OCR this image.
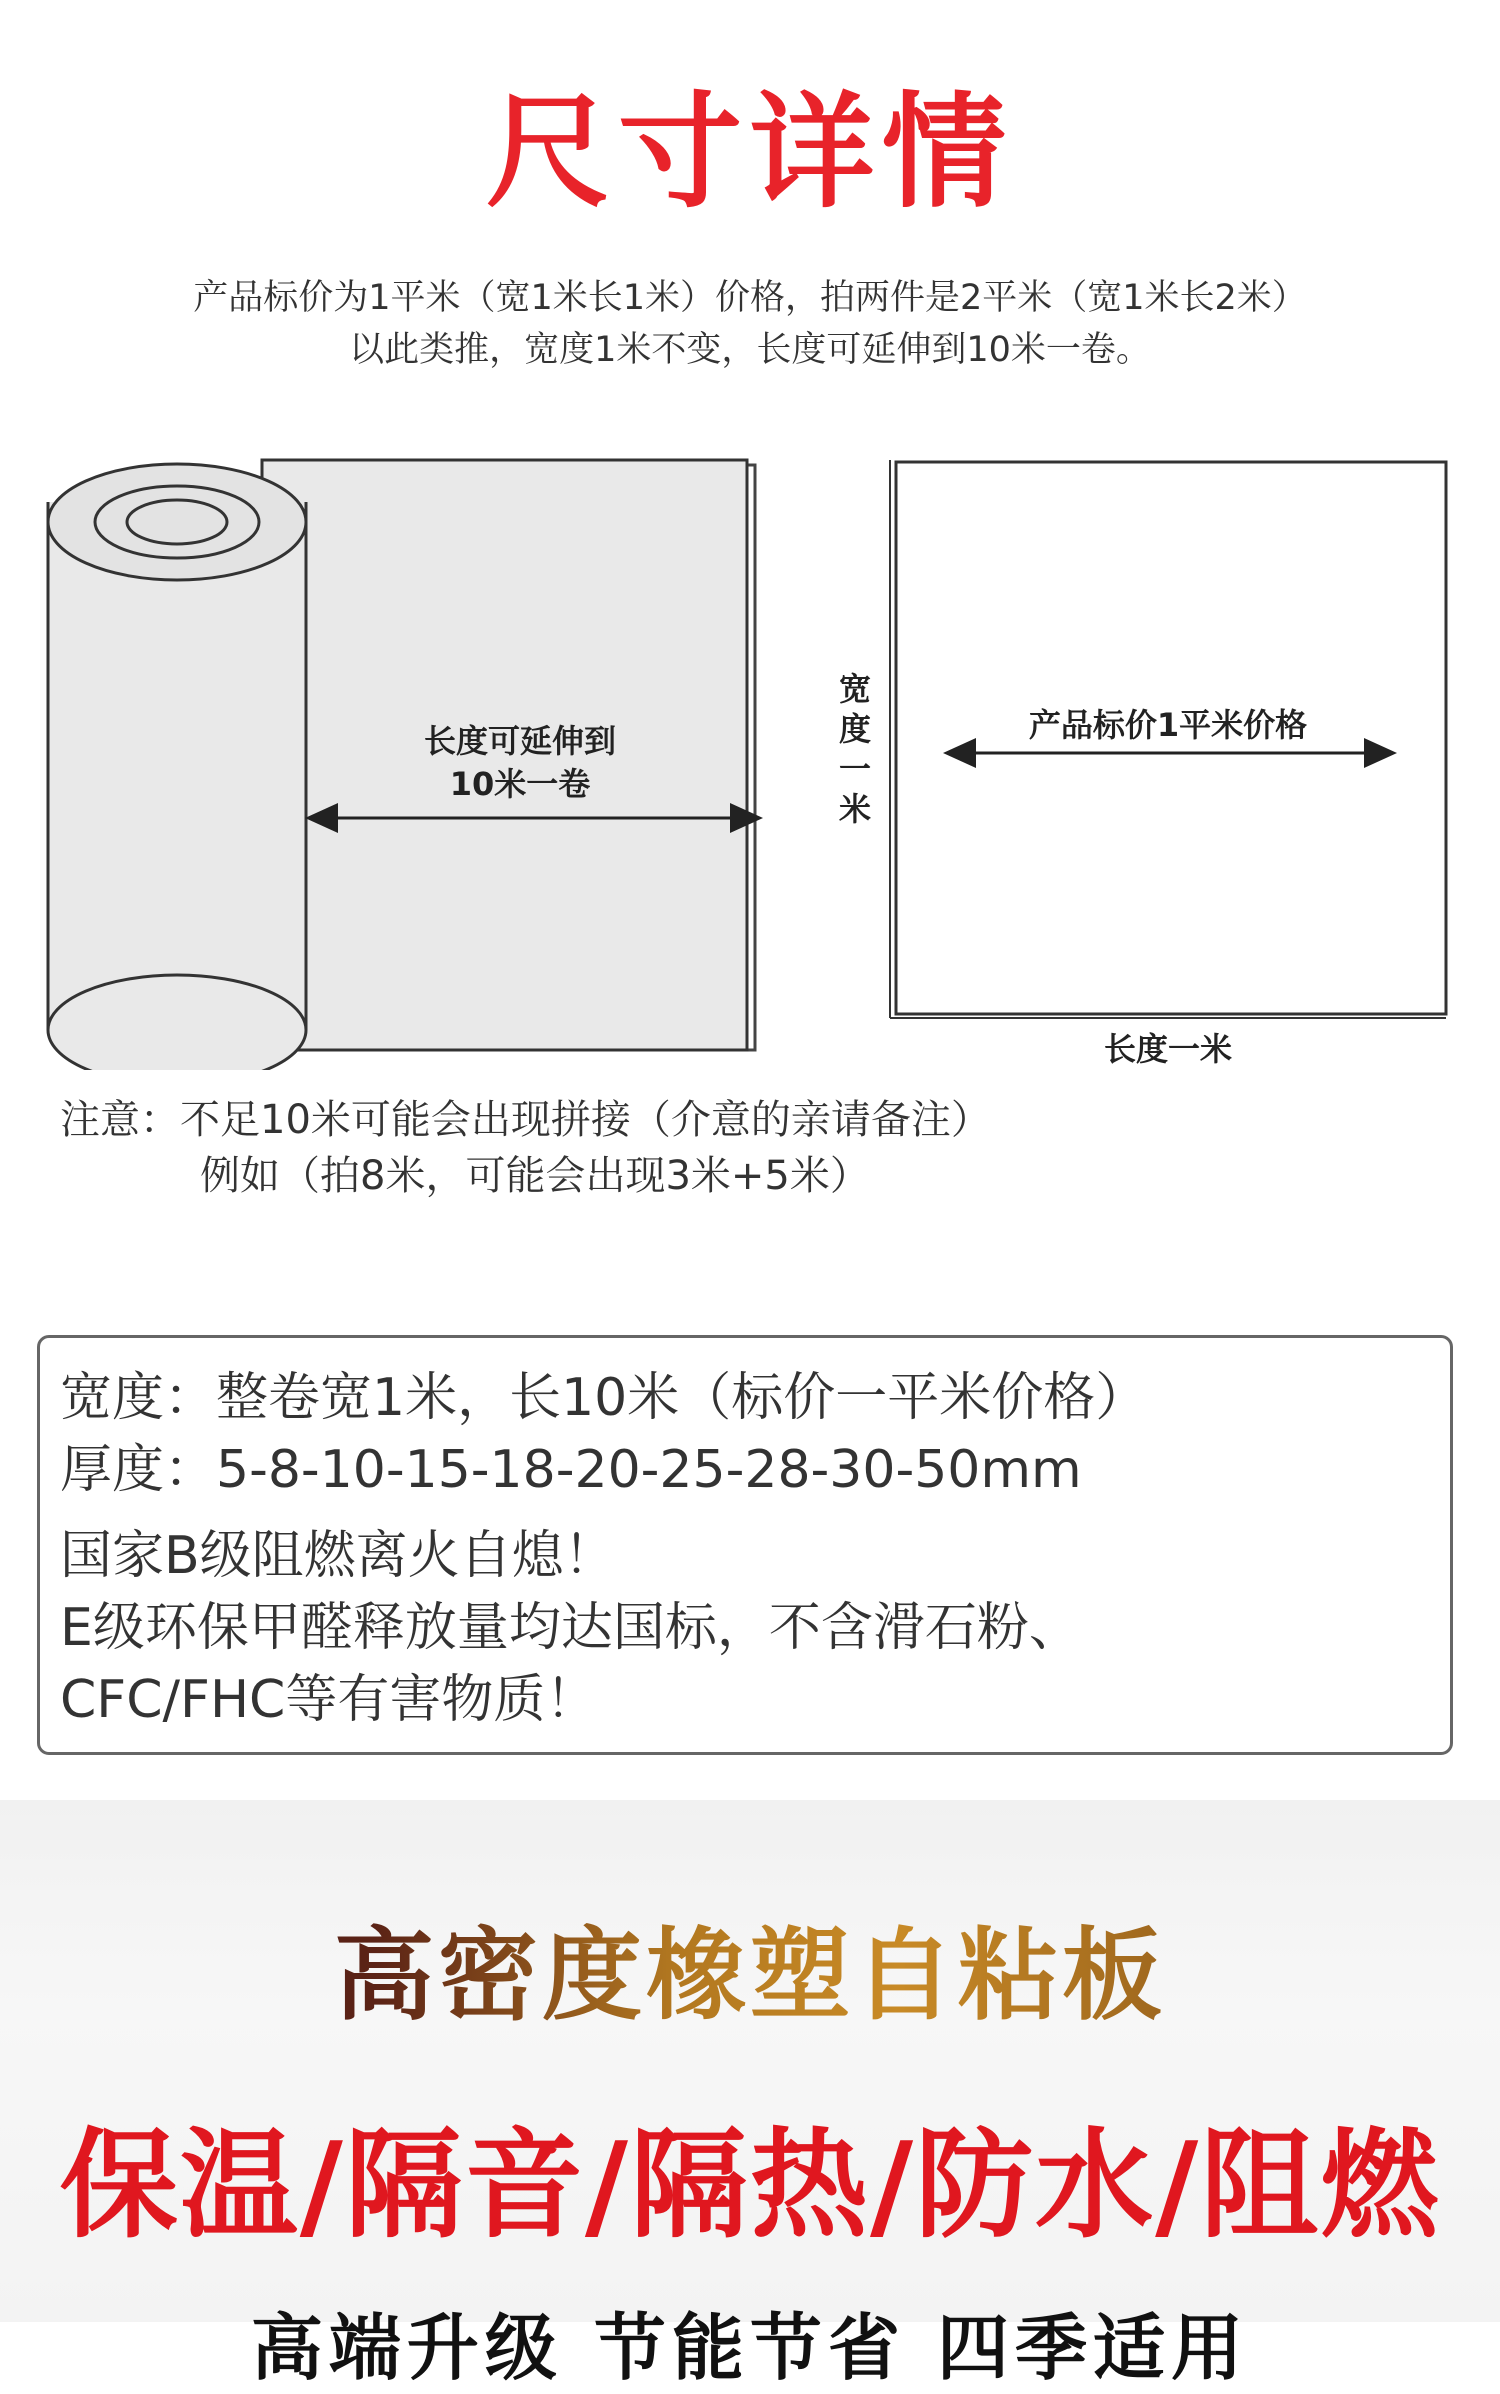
尺寸详情
产品标价为1平米（宽1米长1米）价格，拍两件是2平米（宽1米长2米）
以此类推，宽度1米不变，长度可延伸到10米一卷。
长度可延伸到
10米一卷
产品标价1平米价格
宽
度
一
米
长度一米
注意：不足10米可能会出现拼接（介意的亲请备注）
例如（拍8米，可能会出现3米+5米）
宽度：整卷宽1米，长10米（标价一平米价格）
厚度：5-8-10-15-18-20-25-28-30-50mm
国家B级阻燃离火自熄！
E级环保甲醛释放量均达国标，不含滑石粉、
CFC/FHC等有害物质！
高密度橡塑自粘板
保温/隔音/隔热/防水/阻燃
高端升级 节能节省 四季适用
